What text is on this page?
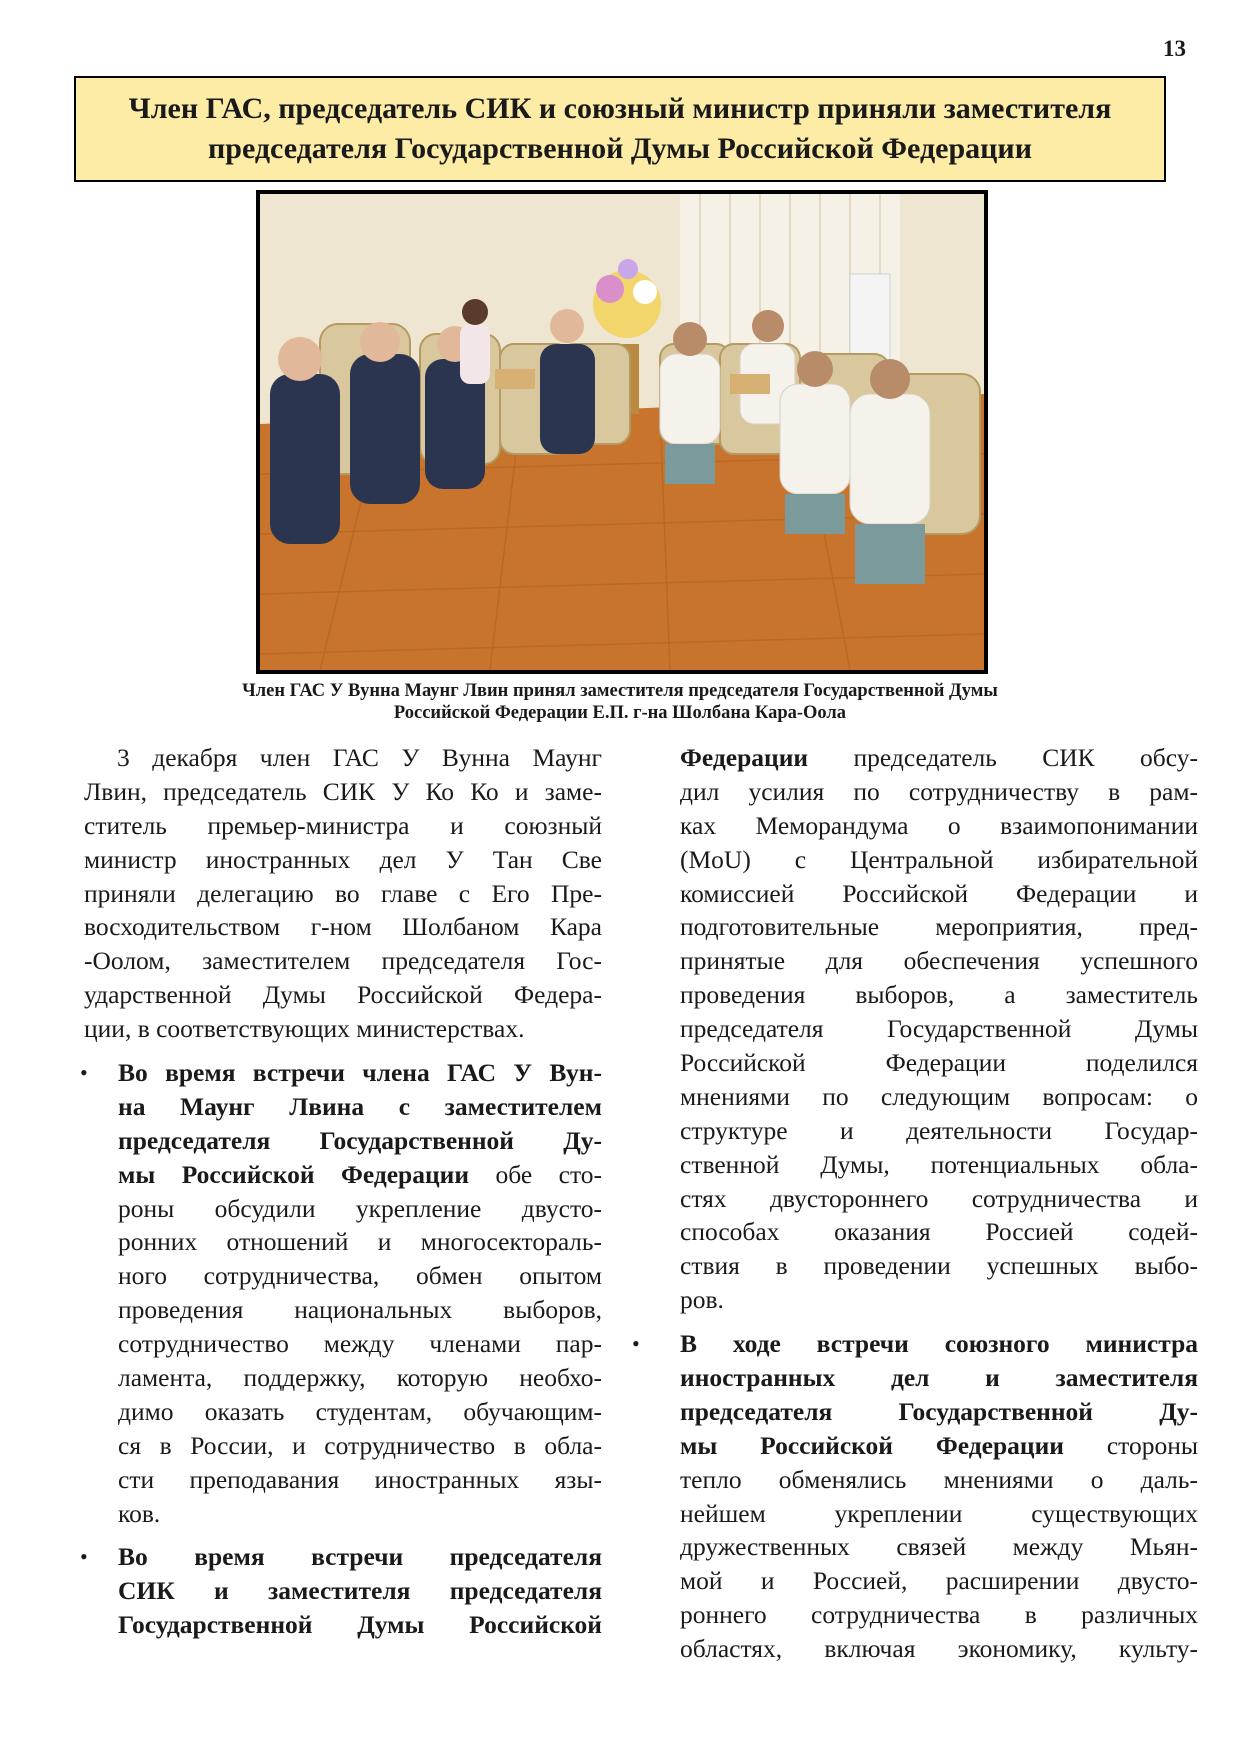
13
Член ГАС, председатель СИК и союзный министр приняли заместителя
председателя Государственной Думы Российской Федерации
Член ГАС У Вунна Маунг Лвин принял заместителя председателя Государственной Думы
Российской Федерации Е.П. г-на Шолбана Кара-Оола
3 декабря член ГАС У Вунна Маунг
Лвин, председатель СИК У Ко Ко и заме-
ститель премьер-министра и союзный
министр иностранных дел У Тан Све
приняли делегацию во главе с Его Пре-
восходительством г-ном Шолбаном Кара
-Оолом, заместителем председателя Гос-
ударственной Думы Российской Федера-
ции, в соответствующих министерствах.
• Во время встречи члена ГАС У Вун-
на Маунг Лвина с заместителем
председателя Государственной Ду-
мы Российской Федерации обе сто-
роны обсудили укрепление двусто-
ронних отношений и многосекторaль-
ного сотрудничества, обмен опытом
проведения национальных выборов,
сотрудничество между членами пар-
ламента, поддержку, которую необхо-
димо оказать студентам, обучающим-
ся в России, и сотрудничество в обла-
сти преподавания иностранных язы-
ков.
• Во время встречи председателя
СИК и заместителя председателя
Государственной Думы Российской
Федерации председатель СИК обсу-
дил усилия по сотрудничеству в рам-
ках Меморандума о взаимопонимании
(MoU) с Центральной избирательной
комиссией Российской Федерации и
подготовительные мероприятия, пред-
принятые для обеспечения успешного
проведения выборов, а заместитель
председателя Государственной Думы
Российской Федерации поделился
мнениями по следующим вопросам: о
структуре и деятельности Государ-
ственной Думы, потенциальных обла-
стях двустороннего сотрудничества и
способах оказания Россией содей-
ствия в проведении успешных выбо-
ров.
• В ходе встречи союзного министра
иностранных дел и заместителя
председателя Государственной Ду-
мы Российской Федерации стороны
тепло обменялись мнениями о даль-
нейшем укреплении существующих
дружественных связей между Мьян-
мой и Россией, расширении двусто-
роннего сотрудничества в различных
областях, включая экономику, культу-
